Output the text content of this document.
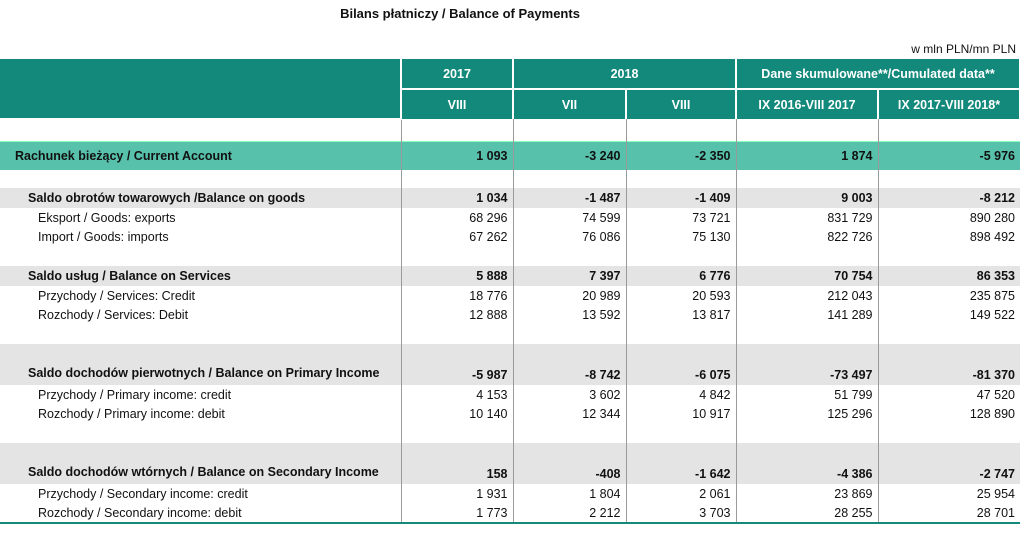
Bilans płatniczy / Balance of Payments
w mln PLN/mn PLN
	2017	2018		Dane skumulowane**/Cumulated data**	
	VIII	VII	VIII	IX 2016-VIII 2017	IX 2017-VIII 2018*

Rachunek bieżący / Current Account	1 093	-3 240	-2 350	1 874	-5 976

Saldo obrotów towarowych /Balance on goods	1 034	-1 487	-1 409	9 003	-8 212
Eksport / Goods: exports	68 296	74 599	73 721	831 729	890 280
Import / Goods: imports	67 262	76 086	75 130	822 726	898 492

Saldo usług / Balance on Services	5 888	7 397	6 776	70 754	86 353
Przychody / Services: Credit	18 776	20 989	20 593	212 043	235 875
Rozchody / Services: Debit	12 888	13 592	13 817	141 289	149 522

Saldo dochodów pierwotnych / Balance on Primary Income	-5 987	-8 742	-6 075	-73 497	-81 370
Przychody / Primary income: credit	4 153	3 602	4 842	51 799	47 520
Rozchody / Primary income: debit	10 140	12 344	10 917	125 296	128 890

Saldo dochodów wtórnych / Balance on Secondary Income	158	-408	-1 642	-4 386	-2 747
Przychody / Secondary income: credit	1 931	1 804	2 061	23 869	25 954
Rozchody / Secondary income: debit	1 773	2 212	3 703	28 255	28 701
